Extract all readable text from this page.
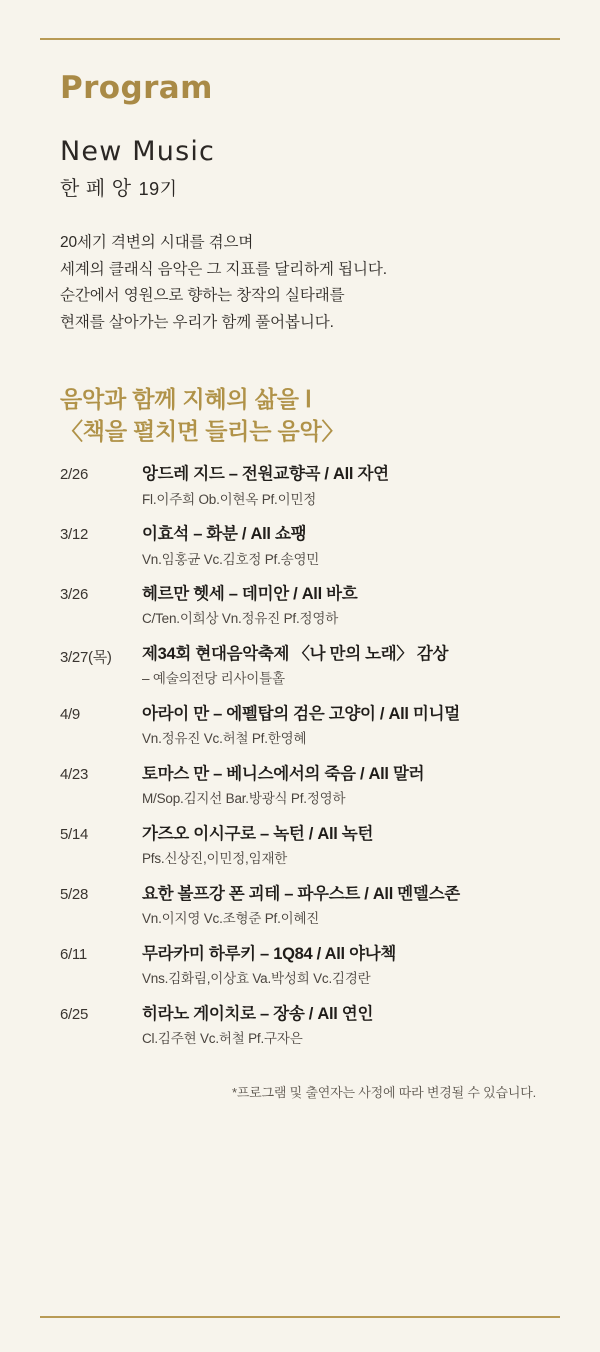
Program
New Music
한 페 앙 19기
20세기 격변의 시대를 겪으며
세계의 클래식 음악은 그 지표를 달리하게 됩니다.
순간에서 영원으로 향하는 창작의 실타래를
현재를 살아가는 우리가 함께 풀어봅니다.
음악과 함께 지혜의 삶을 Ⅰ
〈책을 펼치면 들리는 음악〉
2/26	앙드레 지드 – 전원교향곡 / All 자연
Fl.이주희 Ob.이현옥 Pf.이민정
3/12	이효석 – 화분 / All 쇼팽
Vn.임홍균 Vc.김호정 Pf.송영민
3/26	헤르만 헷세 – 데미안 / All 바흐
C/Ten.이희상 Vn.정유진 Pf.정영하
3/27(목)	제34회 현대음악축제 〈나 만의 노래〉 감상
– 예술의전당 리사이틀홀
4/9	아라이 만 – 에펠탑의 검은 고양이 / All 미니멀
Vn.정유진 Vc.허철 Pf.한영혜
4/23	토마스 만 – 베니스에서의 죽음 / All 말러
M/Sop.김지선 Bar.방광식 Pf.정영하
5/14	가즈오 이시구로 – 녹턴 / All 녹턴
Pfs.신상진,이민정,임재한
5/28	요한 볼프강 폰 괴테 – 파우스트 / All 멘델스존
Vn.이지영 Vc.조형준 Pf.이혜진
6/11	무라카미 하루키 – 1Q84 / All 야나첵
Vns.김화림,이상효 Va.박성희 Vc.김경란
6/25	히라노 게이치로 – 장송 / All 연인
Cl.김주현 Vc.허철 Pf.구자은
*프로그램 및 출연자는 사정에 따라 변경될 수 있습니다.
